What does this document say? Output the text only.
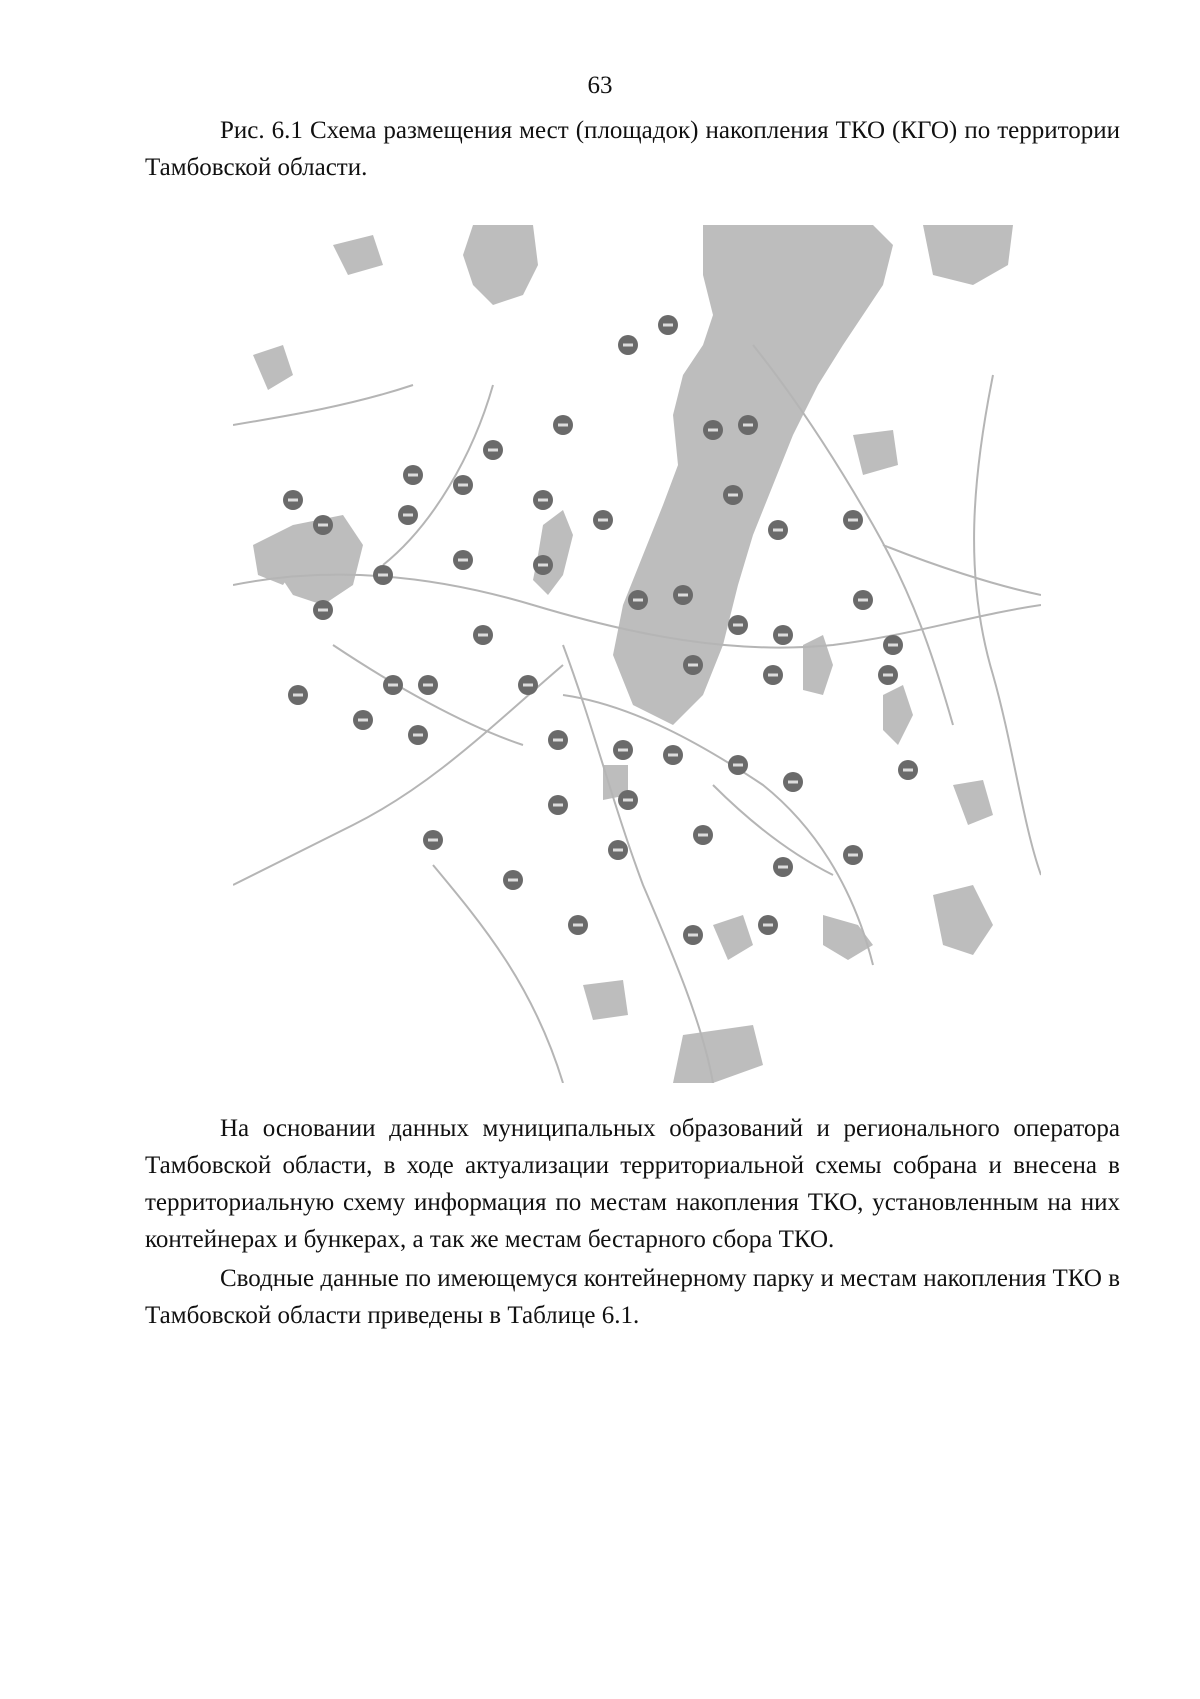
63
Рис. 6.1 Схема размещения мест (площадок) накопления ТКО (КГО) по территории Тамбовской области.

На основании данных муниципальных образований и регионального оператора Тамбовской области, в ходе актуализации территориальной схемы собрана и внесена в территориальную схему информация по местам накопления ТКО, установленным на них контейнерах и бункерах, а так же местам бестарного сбора ТКО.

Сводные данные по имеющемуся контейнерному парку и местам накопления ТКО в Тамбовской области приведены в Таблице 6.1.
